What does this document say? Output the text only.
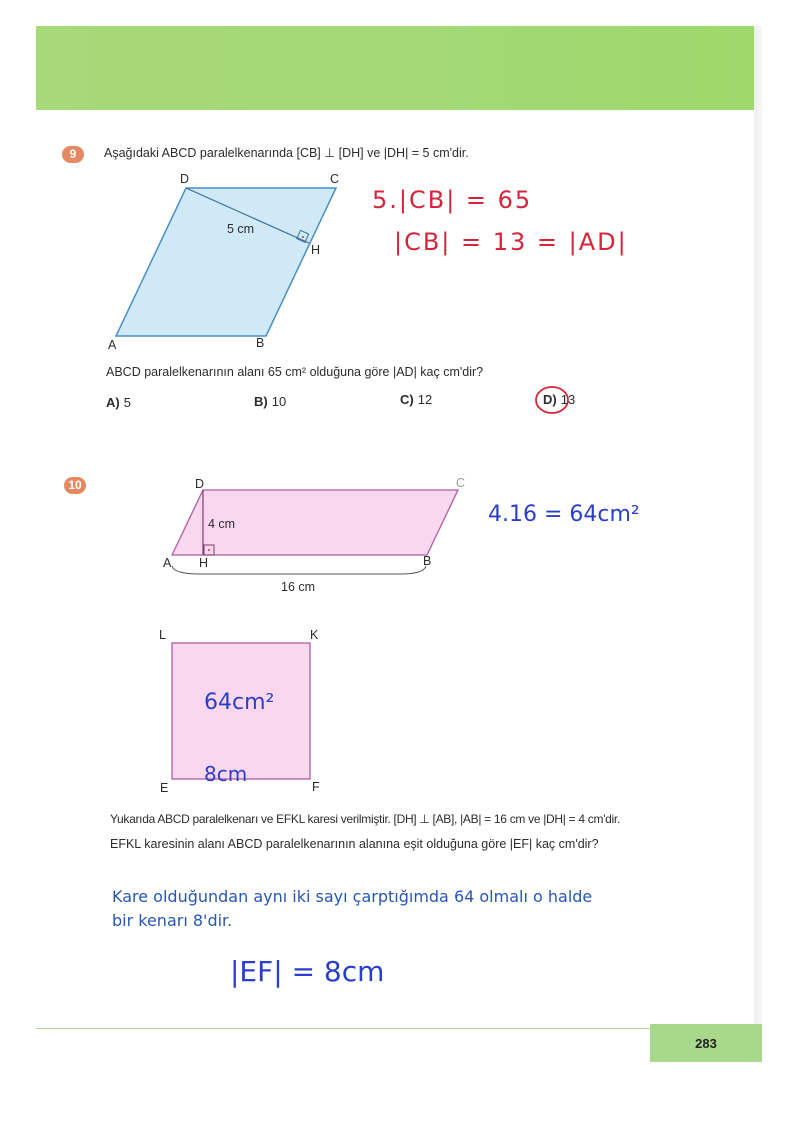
9	Aşağıdaki ABCD paralelkenarında [CB] ⊥ [DH] ve |DH| = 5 cm'dir.
D	C
H
A	B
5 cm
5.|CB| = 65
|CB| = 13 = |AD|
ABCD paralelkenarının alanı 65 cm² olduğuna göre |AD| kaç cm'dir?
A) 5	B) 10	C) 12	D) 13
10	D	C
A H	B
4 cm
16 cm
4.16 = 64cm²
L	K
E	F
64cm²
8cm
Yukarıda ABCD paralelkenarı ve EFKL karesi verilmiştir. [DH] ⊥ [AB], |AB| = 16 cm ve |DH| = 4 cm'dir.
EFKL karesinin alanı ABCD paralelkenarının alanına eşit olduğuna göre |EF| kaç cm'dir?
Kare olduğundan aynı iki sayı çarptığımda 64 olmalı o halde
bir kenarı 8'dir.
|EF| = 8cm
283
